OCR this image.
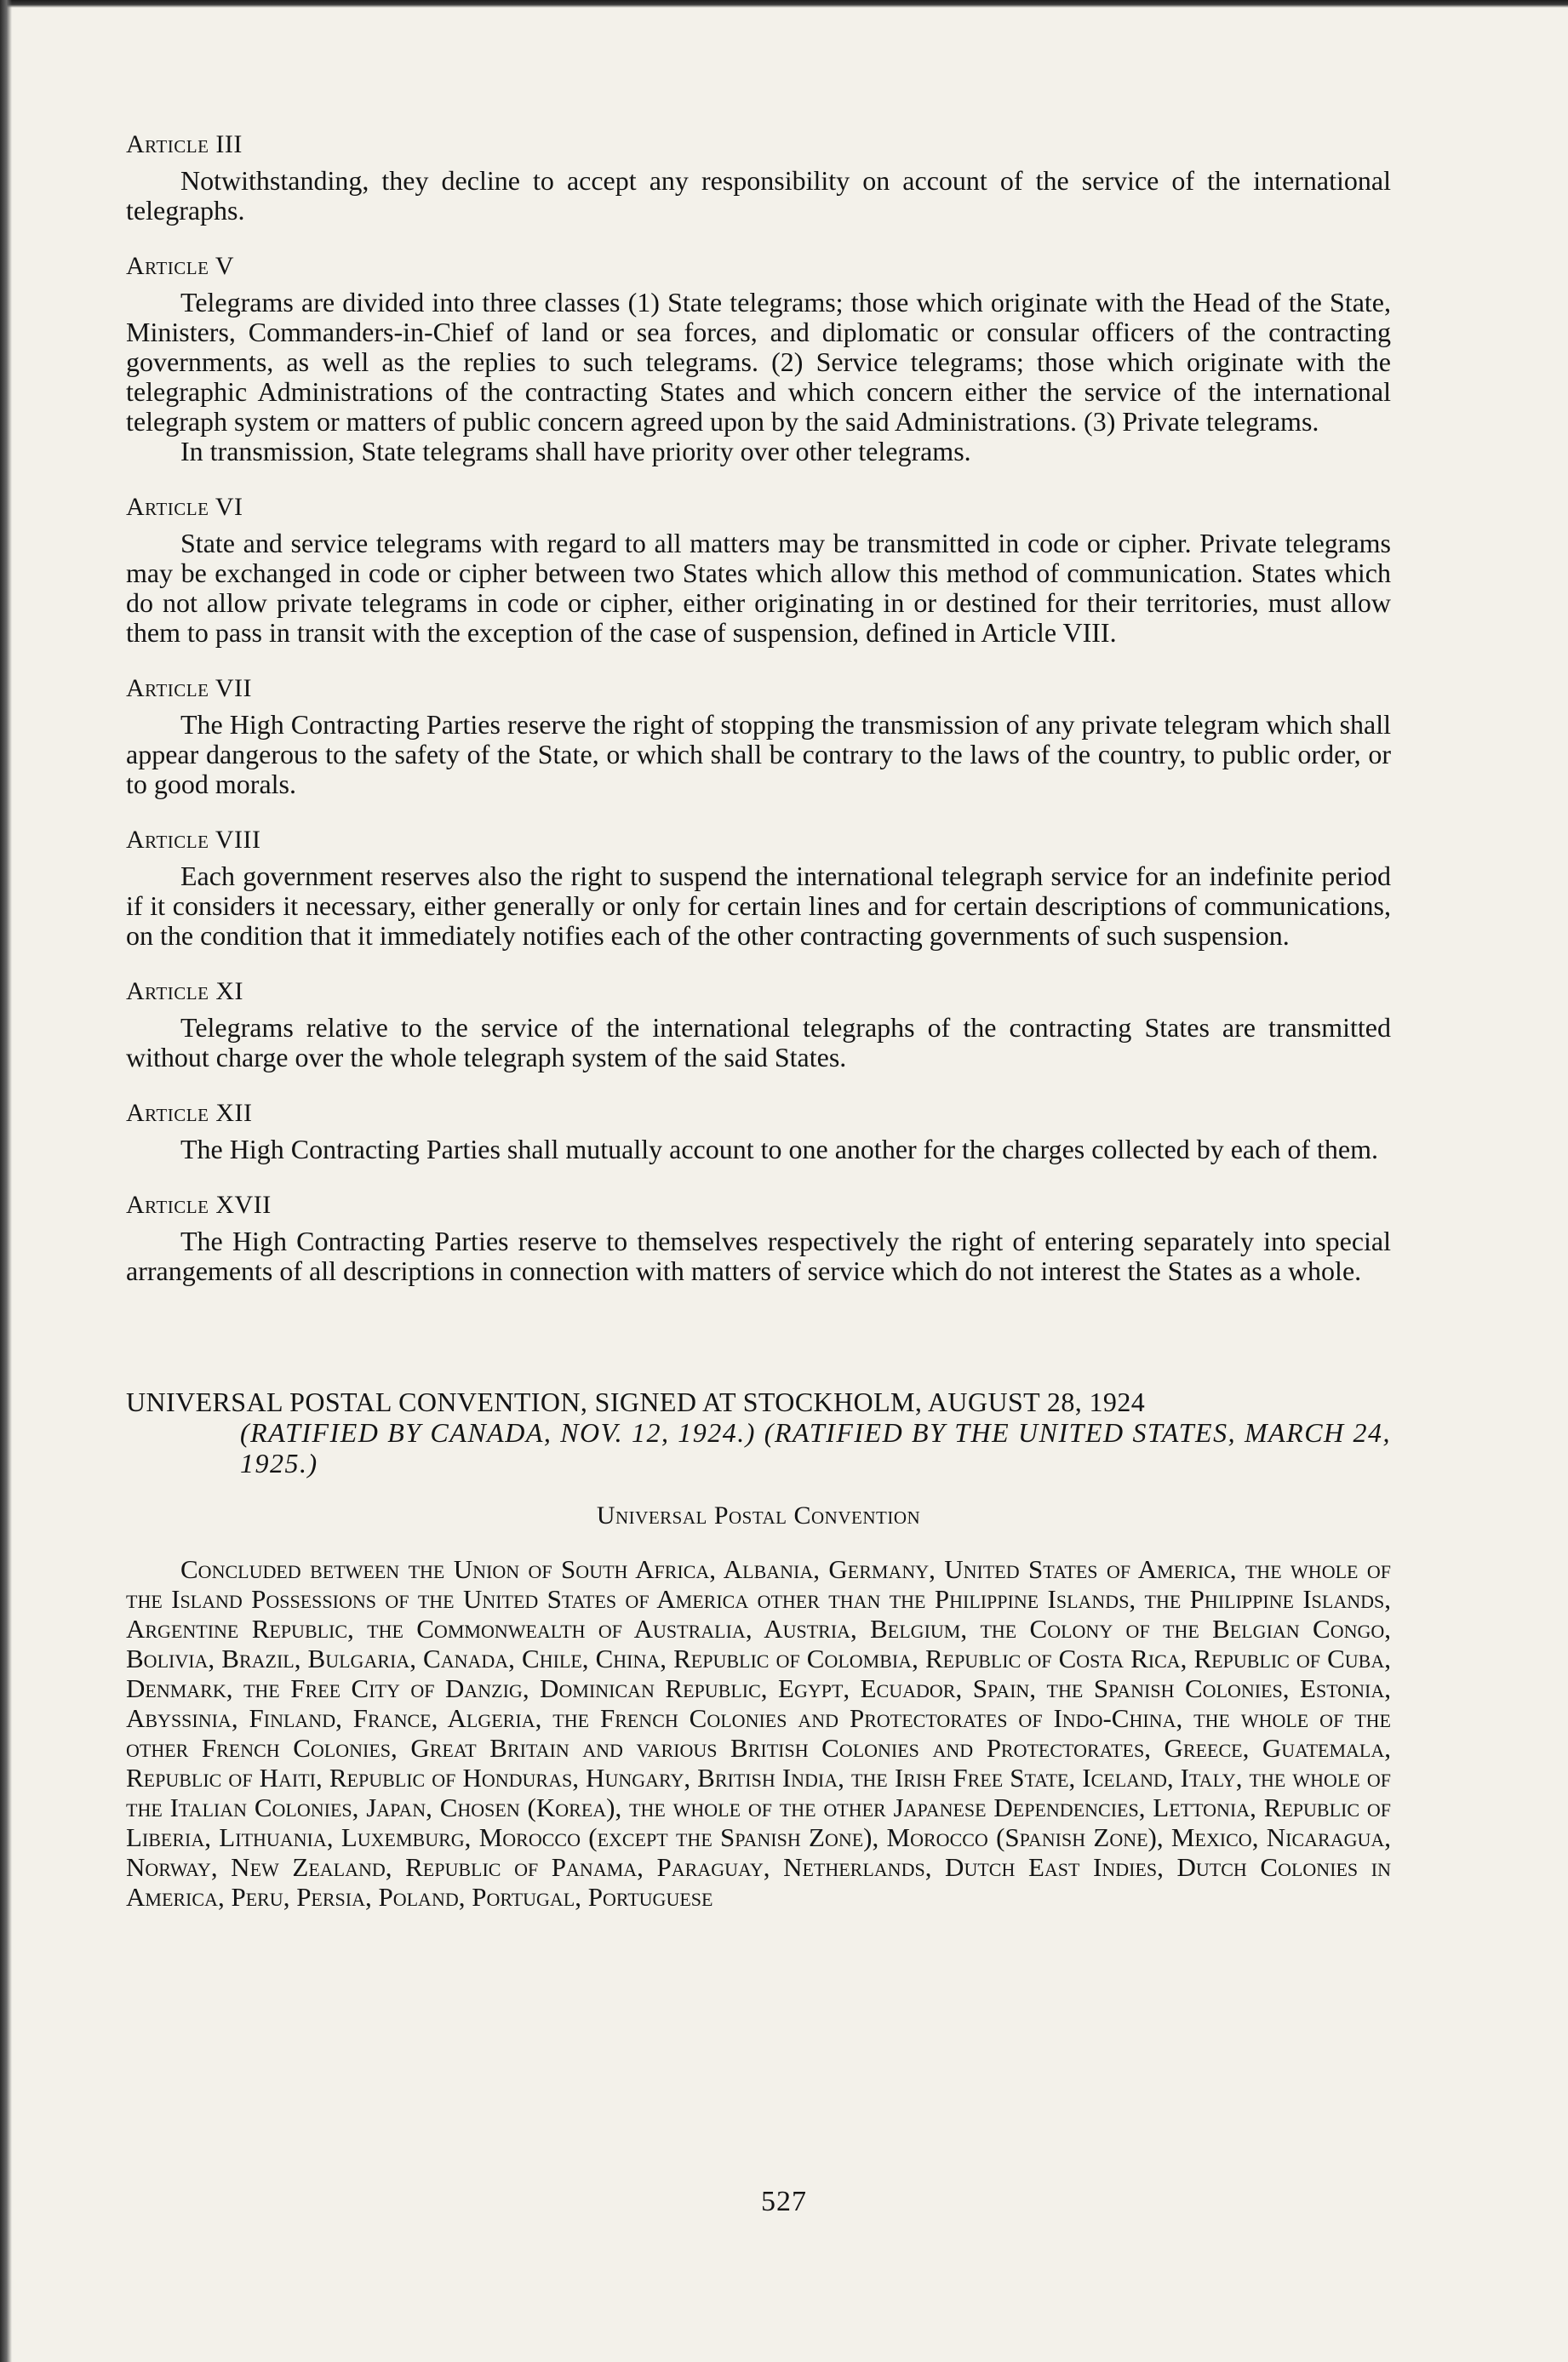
Article III

Notwithstanding, they decline to accept any responsibility on account of the service of the international telegraphs.

Article V

Telegrams are divided into three classes (1) State telegrams; those which originate with the Head of the State, Ministers, Commanders-in-Chief of land or sea forces, and diplomatic or consular officers of the contracting governments, as well as the replies to such telegrams. (2) Service telegrams; those which originate with the telegraphic Administrations of the contracting States and which concern either the service of the international telegraph system or matters of public concern agreed upon by the said Administrations. (3) Private telegrams.

In transmission, State telegrams shall have priority over other telegrams.

Article VI

State and service telegrams with regard to all matters may be transmitted in code or cipher. Private telegrams may be exchanged in code or cipher between two States which allow this method of communication. States which do not allow private telegrams in code or cipher, either originating in or destined for their territories, must allow them to pass in transit with the exception of the case of suspension, defined in Article VIII.

Article VII

The High Contracting Parties reserve the right of stopping the transmission of any private telegram which shall appear dangerous to the safety of the State, or which shall be contrary to the laws of the country, to public order, or to good morals.

Article VIII

Each government reserves also the right to suspend the international telegraph service for an indefinite period if it considers it necessary, either generally or only for certain lines and for certain descriptions of communications, on the condition that it immediately notifies each of the other contracting governments of such suspension.

Article XI

Telegrams relative to the service of the international telegraphs of the contracting States are transmitted without charge over the whole telegraph system of the said States.

Article XII

The High Contracting Parties shall mutually account to one another for the charges collected by each of them.

Article XVII

The High Contracting Parties reserve to themselves respectively the right of entering separately into special arrangements of all descriptions in connection with matters of service which do not interest the States as a whole.

UNIVERSAL POSTAL CONVENTION, SIGNED AT STOCKHOLM, AUGUST 28, 1924
(RATIFIED BY CANADA, NOV. 12, 1924.) (RATIFIED BY THE UNITED STATES, MARCH 24, 1925.)
Universal Postal Convention

Concluded between the Union of South Africa, Albania, Germany, United States of America, the whole of the Island Possessions of the United States of America other than the Philippine Islands, the Philippine Islands, Argentine Republic, the Commonwealth of Australia, Austria, Belgium, the Colony of the Belgian Congo, Bolivia, Brazil, Bulgaria, Canada, Chile, China, Republic of Colombia, Republic of Costa Rica, Republic of Cuba, Denmark, the Free City of Danzig, Dominican Republic, Egypt, Ecuador, Spain, the Spanish Colonies, Estonia, Abyssinia, Finland, France, Algeria, the French Colonies and Protectorates of Indo-China, the whole of the other French Colonies, Great Britain and various British Colonies and Protectorates, Greece, Guatemala, Republic of Haiti, Republic of Honduras, Hungary, British India, the Irish Free State, Iceland, Italy, the whole of the Italian Colonies, Japan, Chosen (Korea), the whole of the other Japanese Dependencies, Lettonia, Republic of Liberia, Lithuania, Luxemburg, Morocco (except the Spanish Zone), Morocco (Spanish Zone), Mexico, Nicaragua, Norway, New Zealand, Republic of Panama, Paraguay, Netherlands, Dutch East Indies, Dutch Colonies in America, Peru, Persia, Poland, Portugal, Portuguese

527
